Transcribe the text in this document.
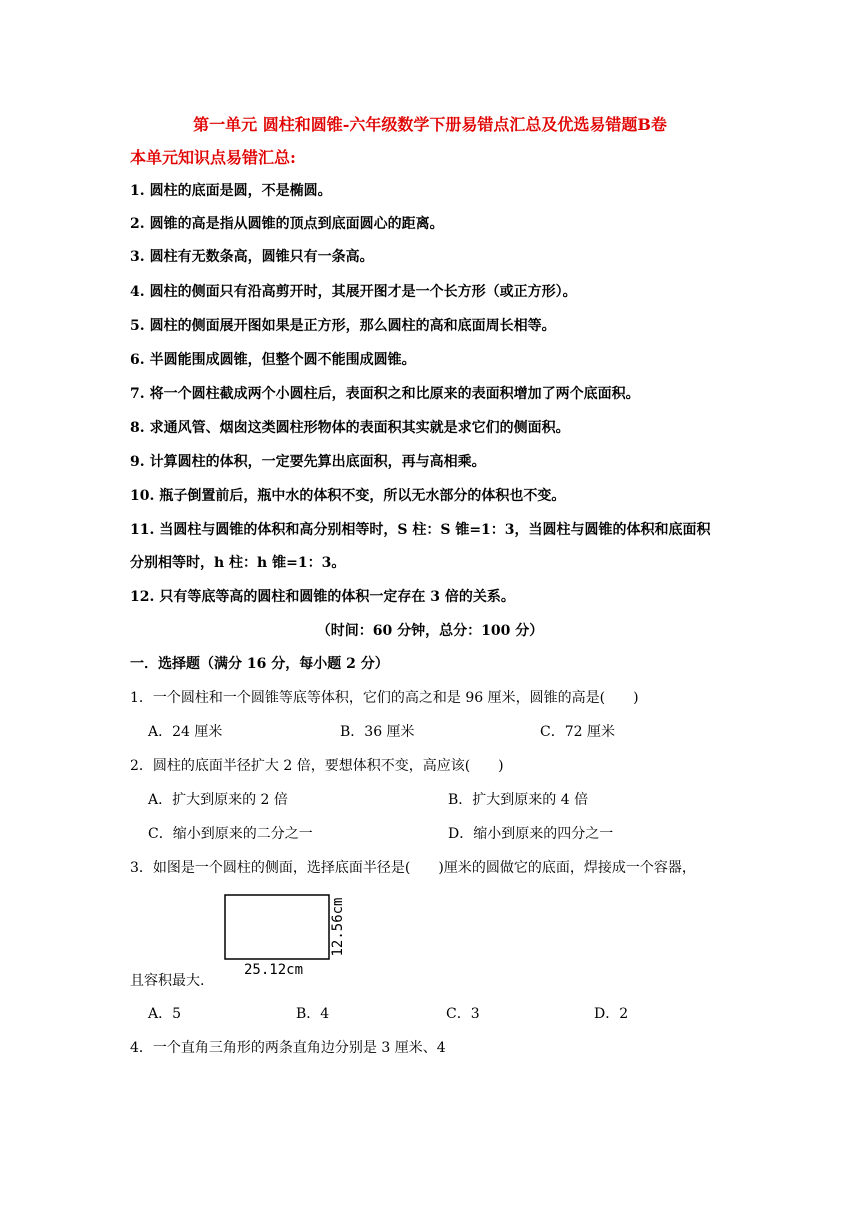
第一单元 圆柱和圆锥-六年级数学下册易错点汇总及优选易错题B卷
本单元知识点易错汇总:
1. 圆柱的底面是圆，不是椭圆。
2. 圆锥的高是指从圆锥的顶点到底面圆心的距离。
3. 圆柱有无数条高，圆锥只有一条高。
4. 圆柱的侧面只有沿高剪开时，其展开图才是一个长方形（或正方形）。
5. 圆柱的侧面展开图如果是正方形，那么圆柱的高和底面周长相等。
6. 半圆能围成圆锥，但整个圆不能围成圆锥。
7. 将一个圆柱截成两个小圆柱后，表面积之和比原来的表面积增加了两个底面积。
8. 求通风管、烟囱这类圆柱形物体的表面积其实就是求它们的侧面积。
9. 计算圆柱的体积，一定要先算出底面积，再与高相乘。
10. 瓶子倒置前后，瓶中水的体积不变，所以无水部分的体积也不变。
11. 当圆柱与圆锥的体积和高分别相等时，S 柱：S 锥=1：3，当圆柱与圆锥的体积和底面积
分别相等时，h 柱：h 锥=1：3。
12. 只有等底等高的圆柱和圆锥的体积一定存在 3 倍的关系。
（时间：60 分钟，总分：100 分）
一．选择题（满分 16 分，每小题 2 分）
1．一个圆柱和一个圆锥等底等体积，它们的高之和是 96 厘米，圆锥的高是(　　)
A．24 厘米	B．36 厘米	C．72 厘米
2．圆柱的底面半径扩大 2 倍，要想体积不变，高应该(　　)
A．扩大到原来的 2 倍	B．扩大到原来的 4 倍
C．缩小到原来的二分之一	D．缩小到原来的四分之一
3．如图是一个圆柱的侧面，选择底面半径是(　　)厘米的圆做它的底面，焊接成一个容器，
12.56cm
25.12cm
且容积最大.
A．5	B．4	C．3	D．2
4．一个直角三角形的两条直角边分别是 3 厘米、4
